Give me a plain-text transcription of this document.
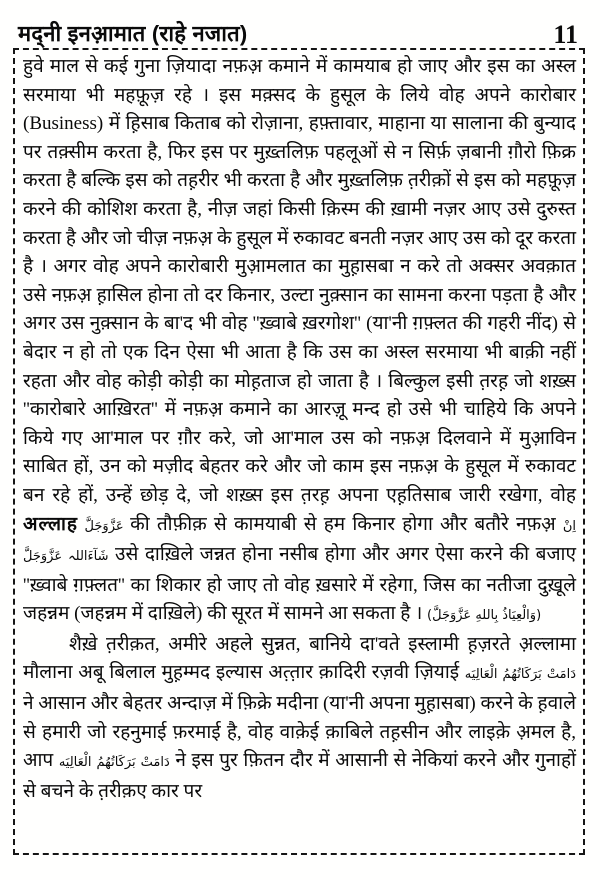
मद्नी इनआ़मात (राहे नजात)	11

हुवे माल से कई गुना ज़ियादा नफ़अ़ कमाने में कामयाब हो जाए और इस का अस्ल सरमाया भी महफ़ूज़ रहे । इस मक़्सद के हुसूल के लिये वोह अपने कारोबार (Business) में ह़िसाब किताब को रोज़ाना, हफ़्तावार, माहाना या सालाना की बुन्याद पर तक़्सीम करता है, फिर इस पर मुख़्तलिफ़ पहलूओं से न सिर्फ़ ज़बानी ग़ौरो फ़िक्र करता है बल्कि इस को तह़रीर भी करता है और मुख़्तलिफ़ त़रीक़ों से इस को महफ़ूज़ करने की कोशिश करता है, नीज़ जहां किसी क़िस्म की ख़ामी नज़र आए उसे दुरुस्त करता है और जो चीज़ नफ़अ़ के हुसूल में रुकावट बनती नज़र आए उस को दूर करता है । अगर वोह अपने कारोबारी मुआ़मलात का मुह़ासबा न करे तो अक्सर अवक़ात उसे नफ़अ़ ह़ासिल होना तो दर किनार, उल्टा नुक़्सान का सामना करना पड़ता है और अगर उस नुक़्सान के बा'द भी वोह ''ख़्वाबे ख़रगोश'' (या'नी ग़फ़्लत की गहरी नींद) से बेदार न हो तो एक दिन ऐसा भी आता है कि उस का अस्ल सरमाया भी बाक़ी नहीं रहता और वोह कोड़ी कोड़ी का मोह़ताज हो जाता है । बिल्कुल इसी त़रह़ जो शख़्स ''कारोबारे आख़िरत'' में नफ़अ़ कमाने का आरज़ू मन्द हो उसे भी चाहिये कि अपने किये गए आ'माल पर ग़ौर करे, जो आ'माल उस को नफ़अ़ दिलवाने में मुआ़विन साबित हों, उन को मज़ीद बेहतर करे और जो काम इस नफ़अ़ के हुसूल में रुकावट बन रहे हों, उन्हें छोड़ दे, जो शख़्स इस त़रह़ अपना एह़तिसाब जारी रखेगा, वोह अल्लाह عَزَّوَجَلَّ की तौफ़ीक़ से कामयाबी से हम किनार होगा और बतौरे नफ़अ़ اِنْ شَآءَاللہ عَزَّوَجَلَّ उसे दाख़िले जन्नत होना नसीब होगा और अगर ऐसा करने की बजाए ''ख़्वाबे ग़फ़्लत'' का शिकार हो जाए तो वोह ख़सारे में रहेगा, जिस का नतीजा दुख़ूले जहन्नम (जहन्नम में दाख़िले) की सूरत में सामने आ सकता है । (وَالْعِيَاذُ بِاللهِ عَزَّوَجَلَّ)

शैख़े त़रीक़त, अमीरे अहले सुन्नत, बानिये दा'वते इस्लामी ह़ज़रते अ़ल्लामा मौलाना अबू बिलाल मुह़म्मद इल्यास अत़्त़ार क़ादिरी रज़वी ज़ियाई دَامَتْ بَرَكَاتُهُمُ الْعَالِيَه ने आसान और बेहतर अन्दाज़ में फ़िक्रे मदीना (या'नी अपना मुह़ासबा) करने के ह़वाले से हमारी जो रहनुमाई फ़रमाई है, वोह वाक़ेई क़ाबिले तह़सीन और लाइक़े अ़मल है, आप دَامَتْ بَرَكَاتُهُمُ الْعَالِيَه ने इस पुर फ़ितन दौर में आसानी से नेकियां करने और गुनाहों से बचने के त़रीक़ए कार पर
